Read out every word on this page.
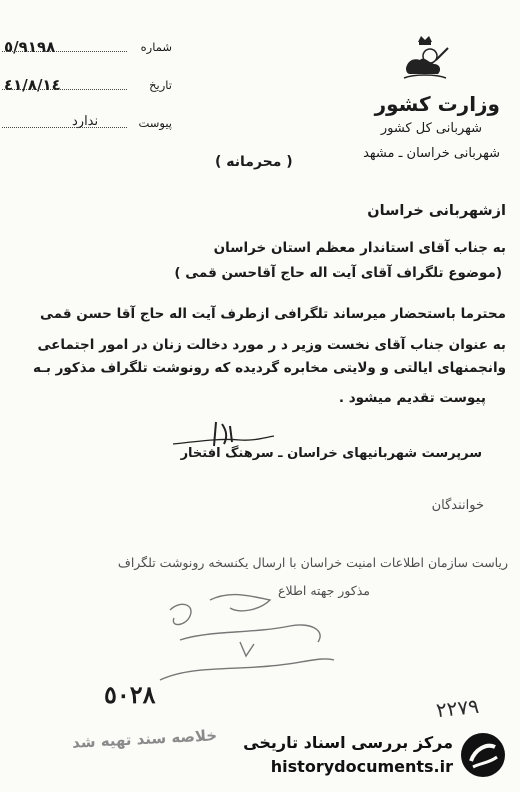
شماره
٥/٩١٩٨
تاریخ
٤١/٨/١٤
پیوست
ندارد
وزارت کشور
شهربانی کل کشور
شهربانی خراسان ـ مشهد
( محرمانه )
ازشهربانی خراسان
به جناب آقای استاندار معظم استان خراسان
(موضوع تلگراف آقای آیت اله حاج آقاحسن قمی )
محترما باستحضار میرساند تلگرافی ازطرف آیت اله حاج آقا حسن قمی
به عنوان جناب آقای نخست وزیر د ر مورد دخالت زنان در امور اجتماعی
وانجمنهای ایالتی و ولایتی مخابره گردیده که رونوشت تلگراف مذکور بـه
پیوست تقدیم میشود .
سرپرست شهربانیهای خراسان ـ سرهنگ افتخار
خوانندگان
ریاست سازمان اطلاعات امنیت خراسان با ارسال یکنسخه رونوشت تلگراف
مذکور جهته اطلاع
٥٠٢٨	٢٢٧٩
خلاصه سند تهیه شد مرکز بررسی اسناد تاریخی
historydocuments.ir
